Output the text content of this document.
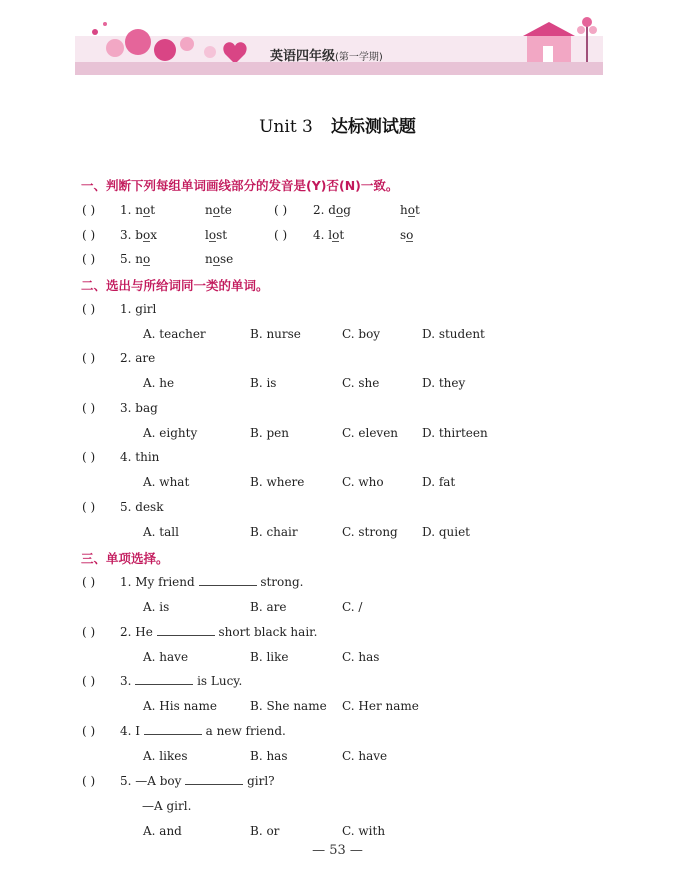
英语四年级(第一学期)
Unit 3 达标测试题
一、判断下列每组单词画线部分的发音是(Y)否(N)一致。
( ) 1. not	note	( ) 2. dog	hot
( ) 3. box	lost	( ) 4. lot	so
( ) 5. no	nose
二、选出与所给词同一类的单词。
( ) 1. girl
A. teacher	B. nurse	C. boy	D. student
( ) 2. are
A. he	B. is	C. she	D. they
( ) 3. bag
A. eighty	B. pen	C. eleven D. thirteen
( ) 4. thin
A. what	B. where	C. who	D. fat
( ) 5. desk
A. tall	B. chair	C. strong D. quiet
三、单项选择。
( ) 1. My friend	strong.
A. is	B. are	C. /
( ) 2. He	short black hair.
A. have	B. like	C. has
( ) 3.	is Lucy.
A. His name	B. She name C. Her name
( ) 4. I	a new friend.
A. likes	B. has	C. have
( ) 5. —A boy	girl?
—A girl.
A. and	B. or	C. with
— 53 —
